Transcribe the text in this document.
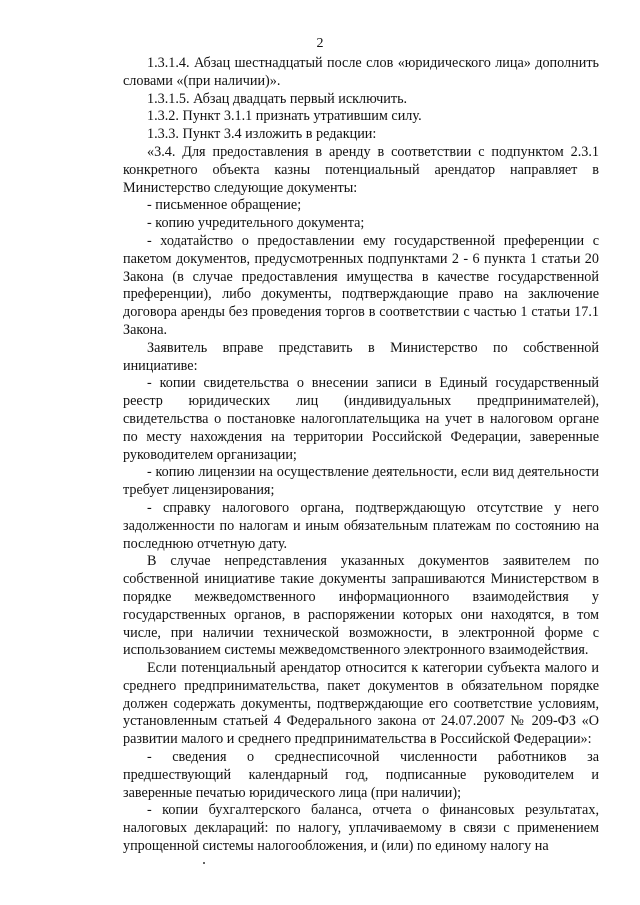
2

1.3.1.4. Абзац шестнадцатый после слов «юридического лица» дополнить словами «(при наличии)».

1.3.1.5. Абзац двадцать первый исключить.

1.3.2. Пункт 3.1.1 признать утратившим силу.

1.3.3. Пункт 3.4 изложить в редакции:

«3.4. Для предоставления в аренду в соответствии с подпунктом 2.3.1 конкретного объекта казны потенциальный арендатор направляет в Министерство следующие документы:

- письменное обращение;

- копию учредительного документа;

- ходатайство о предоставлении ему государственной преференции с пакетом документов, предусмотренных подпунктами 2 - 6 пункта 1 статьи 20 Закона (в случае предоставления имущества в качестве государственной преференции), либо документы, подтверждающие право на заключение договора аренды без проведения торгов в соответствии с частью 1 статьи 17.1 Закона.

Заявитель вправе представить в Министерство по собственной инициативе:

- копии свидетельства о внесении записи в Единый государственный реестр юридических лиц (индивидуальных предпринимателей), свидетельства о постановке налогоплательщика на учет в налоговом органе по месту нахождения на территории Российской Федерации, заверенные руководителем организации;

- копию лицензии на осуществление деятельности, если вид деятельности требует лицензирования;

- справку налогового органа, подтверждающую отсутствие у него задолженности по налогам и иным обязательным платежам по состоянию на последнюю отчетную дату.

В случае непредставления указанных документов заявителем по собственной инициативе такие документы запрашиваются Министерством в порядке межведомственного информационного взаимодействия у государственных органов, в распоряжении которых они находятся, в том числе, при наличии технической возможности, в электронной форме с использованием системы межведомственного электронного взаимодействия.

Если потенциальный арендатор относится к категории субъекта малого и среднего предпринимательства, пакет документов в обязательном порядке должен содержать документы, подтверждающие его соответствие условиям, установленным статьей 4 Федерального закона от 24.07.2007 № 209-ФЗ «О развитии малого и среднего предпринимательства в Российской Федерации»:

- сведения о среднесписочной численности работников за предшествующий календарный год, подписанные руководителем и заверенные печатью юридического лица (при наличии);

- копии бухгалтерского баланса, отчета о финансовых результатах, налоговых деклараций: по налогу, уплачиваемому в связи с применением упрощенной системы налогообложения, и (или) по единому налогу на
